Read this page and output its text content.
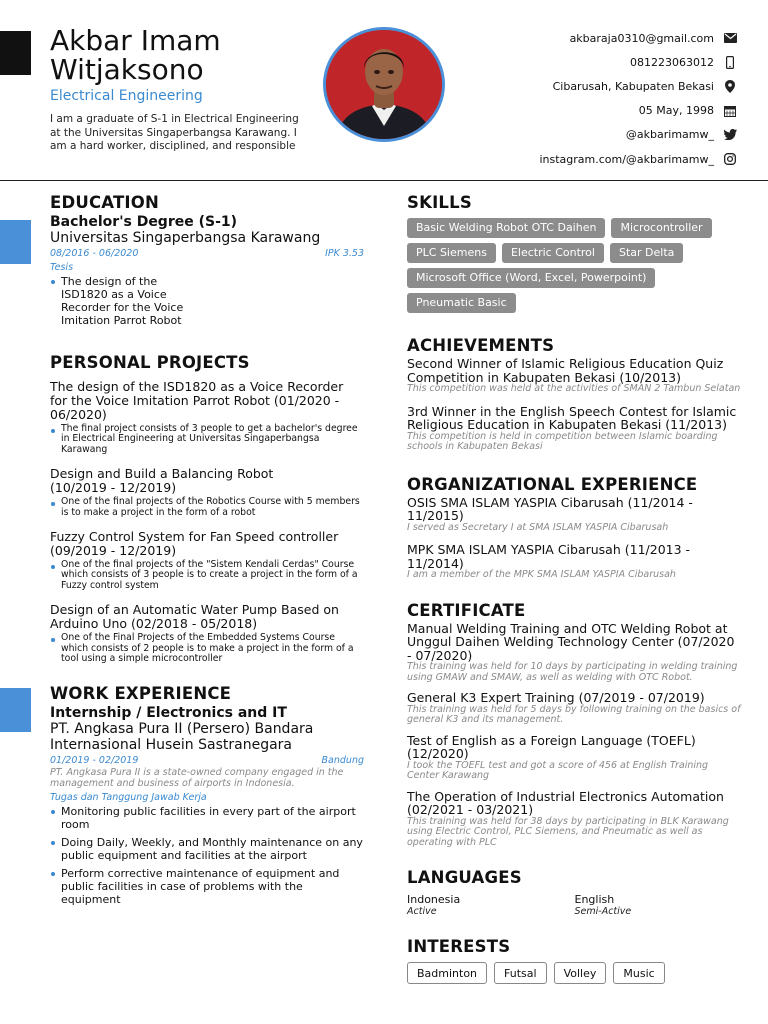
Akbar Imam
Witjaksono
Electrical Engineering
I am a graduate of S-1 in Electrical Engineering at the Universitas Singaperbangsa Karawang. I am a hard worker, disciplined, and responsible
akbaraja0310@gmail.com
081223063012
Cibarusah, Kabupaten Bekasi
05 May, 1998
@akbarimamw_
instagram.com/@akbarimamw_
EDUCATION
Bachelor's Degree (S-1)
Universitas Singaperbangsa Karawang
08/2016 - 06/2020	IPK 3.53
Tesis
The design of the ISD1820 as a Voice Recorder for the Voice Imitation Parrot Robot
PERSONAL PROJECTS
The design of the ISD1820 as a Voice Recorder for the Voice Imitation Parrot Robot (01/2020 - 06/2020)
The final project consists of 3 people to get a bachelor's degree in Electrical Engineering at Universitas Singaperbangsa Karawang
Design and Build a Balancing Robot (10/2019 - 12/2019)
One of the final projects of the Robotics Course with 5 members is to make a project in the form of a robot
Fuzzy Control System for Fan Speed controller (09/2019 - 12/2019)
One of the final projects of the "Sistem Kendali Cerdas" Course which consists of 3 people is to create a project in the form of a Fuzzy control system
Design of an Automatic Water Pump Based on Arduino Uno (02/2018 - 05/2018)
One of the Final Projects of the Embedded Systems Course which consists of 2 people is to make a project in the form of a tool using a simple microcontroller
WORK EXPERIENCE
Internship / Electronics and IT
PT. Angkasa Pura II (Persero) Bandara Internasional Husein Sastranegara
01/2019 - 02/2019	Bandung
PT. Angkasa Pura II is a state-owned company engaged in the management and business of airports in Indonesia.
Tugas dan Tanggung Jawab Kerja
Monitoring public facilities in every part of the airport room
Doing Daily, Weekly, and Monthly maintenance on any public equipment and facilities at the airport
Perform corrective maintenance of equipment and public facilities in case of problems with the equipment
SKILLS
Basic Welding Robot OTC Daihen	Microcontroller
PLC Siemens	Electric Control	Star Delta
Microsoft Office (Word, Excel, Powerpoint)
Pneumatic Basic
ACHIEVEMENTS
Second Winner of Islamic Religious Education Quiz Competition in Kabupaten Bekasi (10/2013)
This competition was held at the activities of SMAN 2 Tambun Selatan
3rd Winner in the English Speech Contest for Islamic Religious Education in Kabupaten Bekasi (11/2013)
This competition is held in competition between Islamic boarding schools in Kabupaten Bekasi
ORGANIZATIONAL EXPERIENCE
OSIS SMA ISLAM YASPIA Cibarusah (11/2014 - 11/2015)
I served as Secretary I at SMA ISLAM YASPIA Cibarusah
MPK SMA ISLAM YASPIA Cibarusah (11/2013 - 11/2014)
I am a member of the MPK SMA ISLAM YASPIA Cibarusah
CERTIFICATE
Manual Welding Training and OTC Welding Robot at Unggul Daihen Welding Technology Center (07/2020 - 07/2020)
This training was held for 10 days by participating in welding training using GMAW and SMAW, as well as welding with OTC Robot.
General K3 Expert Training (07/2019 - 07/2019)
This training was held for 5 days by following training on the basics of general K3 and its management.
Test of English as a Foreign Language (TOEFL) (12/2020)
I took the TOEFL test and got a score of 456 at English Training Center Karawang
The Operation of Industrial Electronics Automation (02/2021 - 03/2021)
This training was held for 38 days by participating in BLK Karawang using Electric Control, PLC Siemens, and Pneumatic as well as operating with PLC
LANGUAGES
Indonesia
Active
English
Semi-Active
INTERESTS
Badminton	Futsal	Volley	Music
